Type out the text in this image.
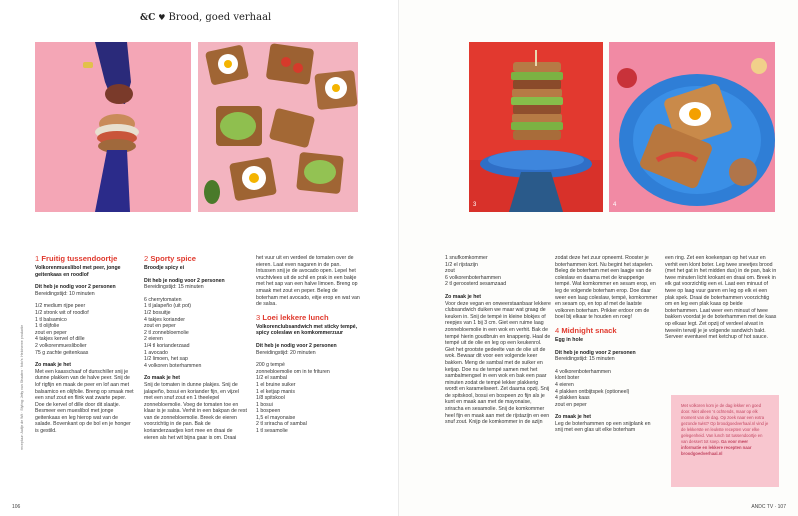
&C ♥ Brood, goed verhaal
receptuur: Aaltje de Wit · Styling: Jetty van Straaten · foto's: Heloiseme productie

1 Fruitig tussendoortje

Volkorenmueslibol met peer, jonge geitenkaas en roodlof

Dit heb je nodig voor 2 personen

Bereidingstijd: 10 minuten

1/2 medium rijpe peer
1/2 stronk wit of roodlof
1 tl balsamico
1 tl olijfolie
zout en peper
4 takjes kervel of dille
2 volkorenmueslibolier
75 g zachte geitenkaas

Zo maak je het

Met een kaasschaaf of dunschiller snij je dunne plakken van de halve peer. Snij de lof rigfijn en maak de peer en lof aan met balsamico en olijfolie. Breng op smaak met een snuf zout en flink wat zwarte peper. Doe de kervel of dille door dit slaatje. Besmeer een mueslibol met jonge geitenkaas en leg hierop wat van de salade. Bovenkant op de bol en je honger is gestild.

2 Sporty spice

Broodje spicy ei

Dit heb je nodig voor 2 personen

Bereidingstijd: 15 minuten

6 cherrytomaten
1 tl jalapeño (uit pot)
1/2 bosuitje
4 takjes koriander
zout en peper
2 tl zonnebloemolie
2 eieren
1/4 tl korianderzaad
1 avocado
1/2 limoen, het sap
4 volkoren boterhammen

Zo maak je het

Snij de tomaten in dunne plakjes. Snij de jalapeño, bosui en koriander fijn, en vijzel met een snuf zout en 1 theelepel zonnebloemolie. Voeg de tomaten toe en klaar is je salsa. Verhit in een bakpan de rest van de zonnebloemolie. Breek de eieren voorzichtig in de pan. Bak de korianderzaadjes kort mee en draai de eieren als het wit bijna gaar is om. Draai

het vuur uit en verdeel de tomaten over de eieren. Laat even nagaren in de pan. Intussen snij je de avocado open. Lepel het vruchtvlees uit de schil en prak in een bakje met het sap van een halve limoen. Breng op smaak met zout en peper. Beleg de boterham met avocado, eitje erop en wat van de salsa.

3 Loei lekkere lunch

Volkorenclubsandwich met sticky tempé, spicy coleslaw en komkommerzuur

Dit heb je nodig voor 2 personen

Bereidingstijd: 20 minuten

200 g tempé
zonnebloemolie om in te frituren
1/2 el sambal
1 el bruine suiker
1 el ketjap manis
1/8 spitskool
1 bosui
1 bospeen
1,5 el mayonaise
2 tl sriracha of sambal
1 tl sesamolie
106
3	4
1 snufkomkommer
1/2 el rijstazijn
zout
6 volkorenboterhammen
2 tl geroosterd sesamzaad

Zo maak je het

Voor deze vegan en onweerstaanbaar lekkere clubsandwich duiken we maar wat graag de keuken in. Snij de tempé in kleine blokjes of reepjes van 1 bij 3 cm. Giet een ruime laag zonnebloemolie in een wok en verhit. Bak de tempé hierin goudbruin en knapperig. Haal de tempé uit de olie en leg op een keukenrol. Giet het grootste gedeelte van de olie uit de wok. Bewaar dit voor een volgende keer bakken. Meng de sambal met de suiker en ketjap. Doe nu de tempé samen met het sambalmengsel in een wok en bak een paar minuten zodat de tempé lekker plakkerig wordt en karameliseert. Zet daarna opzij. Snij de spitskool, bosui en bospeen zo fijn als je kunt en maak aan met de mayonaise, sriracha en sesamolie. Snij de komkommer heel fijn en maak aan met de rijstazijn en een snuf zout. Knijp de komkommer in de azijn

zodat deze het zuur opneemt. Rooster je boterhammen kort. Nu begint het stapelen. Beleg de boterham met een laagje van de coleslaw en daarna met de knapperige tempé. Wat komkommer en sesam erop, en leg de volgende boterham erop. Doe daar weer een laag coleslaw, tempé, komkommer en sesam op, en top af met de laatste volkoren boterham. Prikker erdoor om de boel bij elkaar te houden en roeg!

4 Midnight snack

Egg in hole

Dit heb je nodig voor 2 personen

Bereidingstijd: 15 minuten

4 volkorenboterhammen
klont boter
4 eieren
4 plakken ontbijtspek (optioneel)
4 plakken kaas
zout en peper

Zo maak je het

Leg de boterhammen op een snijplank en snij met een glas uit elke boterham

een ring. Zet een koekenpan op het vuur en verhit een klont boter. Leg twee sneetjes brood (met het gat in het midden dus) in de pan, bak in twee minuten licht krokant en draai om. Breek in elk gat voorzichtig een ei. Laat een minuut of twee op laag vuur garen en leg op elk ei een plak spek. Draai de boterhammen voorzichtig om en leg een plak kaas op beide boterhammen. Laat weer een minuut of twee bakken voordat je de boterhammen met de kaas op elkaar legt. Zet opzij of verdeel alvast in tweeën terwijl je je volgende sandwich bakt. Serveer eventueel met ketchup of hot sauce.

Met volkoren kom je de dag lekker en goed door. Niet alleen 's ochtends, maar op elk moment van de dag. Op zoek naar een extra gezonde twist? Op broodgoedverhaal.nl vind je de lekkerste en leukste recepten voor elke gelegenheid. Van lunch tot tussendoortje en van dessert tot soep. Ga voor meer informatie en lekkere recepten naar broodgoedverhaal.nl
ANDC TV · 107
